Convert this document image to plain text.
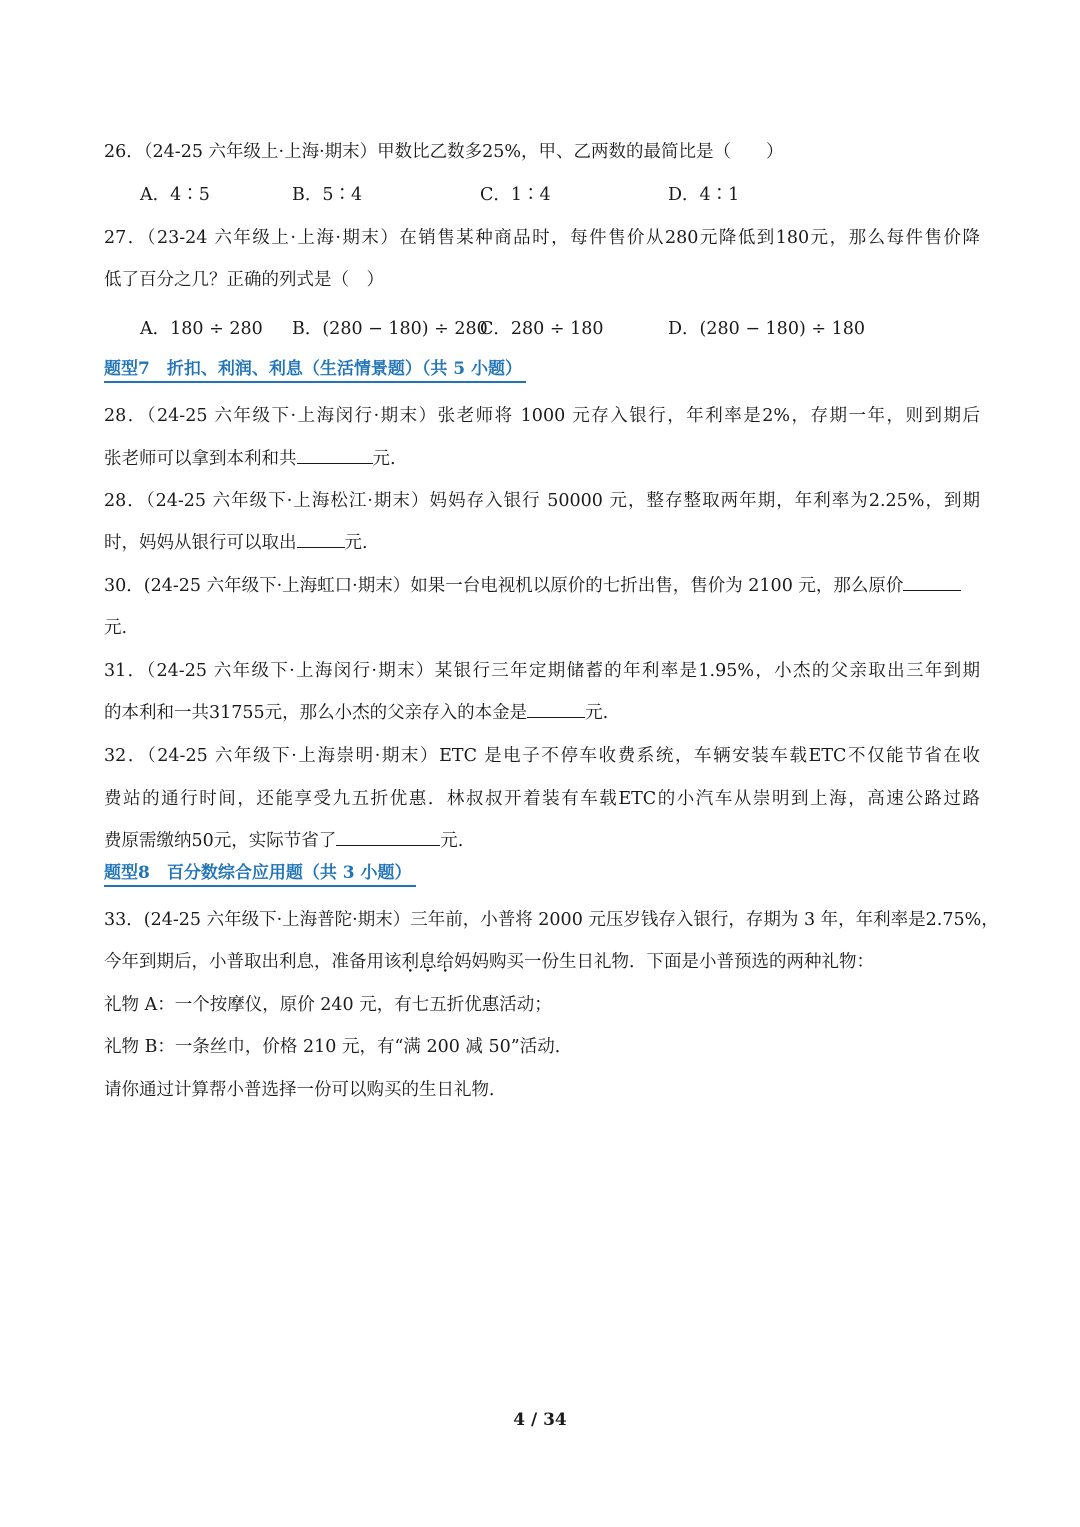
26．（24-25 六年级上·上海·期末）甲数比乙数多25%，甲、乙两数的最简比是（　　）
A．4∶5	B．5∶4	C．1∶4	D．4∶1
27．（23-24 六年级上·上海·期末）在销售某种商品时，每件售价从280元降低到180元，那么每件售价降
低了百分之几？正确的列式是（　）
A．180 ÷ 280 B．(280 − 180) ÷ 280
C．280 ÷ 180	D．(280 − 180) ÷ 180
题型7　折扣、利润、利息（生活情景题）（共 5 小题）
28．（24-25 六年级下·上海闵行·期末）张老师将 1000 元存入银行，年利率是2%，存期一年，则到期后
张老师可以拿到本利和共	元.
28．（24-25 六年级下·上海松江·期末）妈妈存入银行 50000 元，整存整取两年期，年利率为2.25%，到期
时，妈妈从银行可以取出	元.
30．(24-25 六年级下·上海虹口·期末）如果一台电视机以原价的七折出售，售价为 2100 元，那么原价
元.
31．（24-25 六年级下·上海闵行·期末）某银行三年定期储蓄的年利率是1.95%，小杰的父亲取出三年到期
的本利和一共31755元，那么小杰的父亲存入的本金是	元.
32．（24-25 六年级下·上海崇明·期末）ETC 是电子不停车收费系统，车辆安装车载ETC不仅能节省在收
费站的通行时间，还能享受九五折优惠．林叔叔开着装有车载ETC的小汽车从崇明到上海，高速公路过路
费原需缴纳50元，实际节省了	元.
题型8　百分数综合应用题（共 3 小题）
33．(24-25 六年级下·上海普陀·期末）三年前，小普将 2000 元压岁钱存入银行，存期为 3 年，年利率是2.75%，
今年到期后，小普取出利息，准备用该利息给妈妈购买一份生日礼物．下面是小普预选的两种礼物：
礼物 A：一个按摩仪，原价 240 元，有七五折优惠活动；
礼物 B：一条丝巾，价格 210 元，有“满 200 减 50”活动．
请你通过计算帮小普选择一份可以购买的生日礼物．
4 / 34
